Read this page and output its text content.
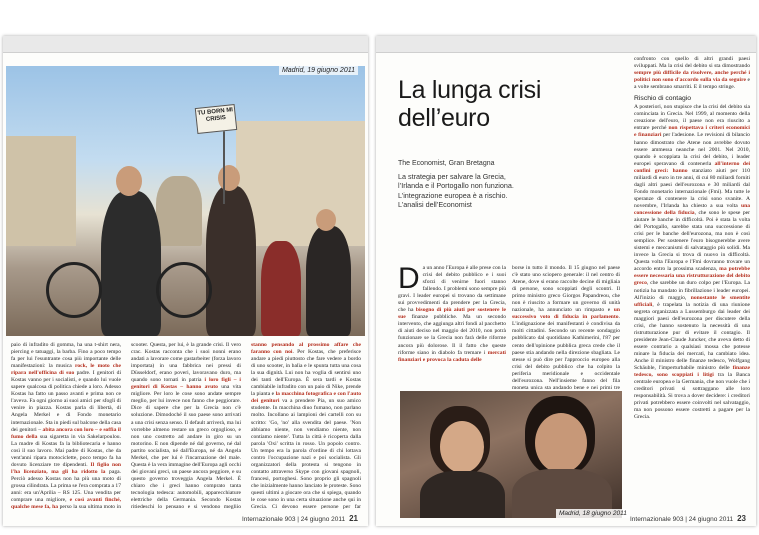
TU BORN MI CRISIS
Madrid, 19 giugno 2011

paio di infradito di gomma, ha una t-shirt nera, piercing e tatuaggi, la barba. Fino a poco tempo fa per lui l'esuntrante cosa più importante delle manifestazioni: la musica rock, le moto che ripara nell'officina di suo padre. I genitori di Kostas vanno per i socialisti, e quando lui vuole sapere qualcosa di politica chiede a loro. Adesso Kostas ha fatto un passo avanti e prima non ce l'aveva. Fa ogni giorno ai suoi amici per sfogli di venire in piazza. Kostas parla di libertà, di Angela Merkel e di Fondo monetario internazionale. Sta in piedi sul balcone della casa dei genitori – abita ancora con loro – e soffia il fumo della sua sigaretta in via Sakelarpoulou. La madre di Kostas fa la bibliotecaria e hanno così il suo lavoro. Mai padre di Kostas, che da vent'anni ripara motociclette, poco tempo fa ha dovuto licenziare tre dipendenti. Il figlio non l'ha licenziato, ma gli ha ridotto la paga. Perciò adesso Kostas non ha più una moto di grossa cilindrata. La prima se l'era comprata a 17 anni: era un'Aprilia – RS 125. Una vendita per comprare una migliore, e così avanti finché, qualche mese fa, ha perso la sua ultima moto in

scooter. Questa, per lui, è la grande crisi. Il vero crac. Kostas racconta che i suoi nonni erano andati a lavorare come gastarbeiter (forza lavoro importata) in una fabbrica nei pressi di Düsseldorf, erano poveri, lavoravano duro, ma quando sono tornati in patria i loro figli – i genitori di Kostas – hanno avuto una vita migliore. Per loro le cose sono andate sempre meglio, per lui invece non fanno che peggiorare. Dice di sapere che per la Grecia non c'è soluzione. Dimodoché il suo paese sono arrivati a una crisi senza senso. Il default arriverà, ma lui vorrebbe almeno restare un greco orgoglioso, e non uno costretto ad andare in giro su un motorino. E non dipende né dal governo, né dal partito socialista, né dall'Europa, né da Angela Merkel, che per lui è l'incarnazione del male. Questa è la vera immagine dell'Europa agli occhi dei giovani greci, un paese ancora peggiore, e su questo governo troveggia Angela Merkel. È chiaro che i greci hanno comprato tanta tecnologia tedesca: automobili, apparecchiature elettriche della Germania. Secondo Kostas ritiedeschi lo pensano e si vendono megliio

stanno pensando al prossimo affare che faranno con noi. Per Kostas, che preferisce andare a piedi piuttosto che fare vedere a bordo di uno scooter, in balìa e le spunta tutta una cosa la sua dignità. Lui non ha voglia di sentirsi uno dei tanti dell'Europa. È sera tardi e Kostas cambiabile infradito con un paio di Nike, prende la pianta e la macchina fotografica e con l'auto dei genitori va a prendere Pia, un suo amico studente. In macchina diuo fumano, non parlano molto. Incollano ai lampioni dei cartelli con su scritto: 'Go, 'no' alla svendita del paese. 'Non abbiamo niente, non vendiamo niente, non contiamo niente'. Tutta la città è ricoperta dalla parola 'Oxi' scritta in rosso. Un popolo contro. Un tempo era la parola d'ordine di chi lottava contro l'occupazione nazi e poi socialista. Gli organizzatori della protesta si tengono in contatto attraverso Skype con giovani spagnoli, francesi, portoghesi. Sono proprio gli spagnoli che inizialmente hanno lanciato le proteste. Sono questi ultimi a giocare ora che si spiega, quando le cose sono in una certa situazione anche qui in Grecia. Ci devono essere persone per far

Internazionale 903 | 24 giugno 2011 21
La lunga crisi dell’euro
The Economist, Gran Bretagna
La strategia per salvare la Grecia, l’Irlanda e il Portogallo non funziona. L’integrazione europea è a rischio. L’analisi dell’Economist
D a un anno l'Europa è alle prese con la crisi del debito pubblico e i suoi sforzi di venirne fuori stanno fallendo. I problemi sono sempre più gravi. I leader europei si trovano da settimane sui provvedimenti da prendere per la Grecia, che ha bisogno di più aiuti per sostenere le sue finanze pubbliche. Ma un secondo intervento, che aggiunga altri fondi al pacchetto di aiuti deciso nel maggio del 2010, non potrà funzionare se la Grecia non farà delle riforme ancora più dolorose. Il il fatto che queste riforme siano in diabolo fa tremare i mercati finanziari e provoca la caduta delle

borse in tutto il mondo. Il 15 giugno nel paese c'è stato uno sciopero generale: il nel centro di Atene, dove si erano raccolte decine di migliaia di persone, sono scoppiati degli scontri. Il primo ministro greco Giorgos Papandreou, che non è riuscito a formare un governo di unità nazionale, ha annunciato un rimpasto e un successivo voto di fiducia in parlamento. L'indignazione dei manifestanti è condivisa da molti cittadini. Secondo un recente sondaggio pubblicato dal quotidiano Kathimerini, l'87 per cento dell'opinione pubblica greca crede che il paese stia andando nella direzione sbagliata. Le stesse si può dire per l'approccio europeo alla crisi del debito pubblico che ha colpito la periferia meridionale e occidentale dell'eurozona. Nell'insieme fanno del fila moneta unica sta andando bene e nei primi tre

Madrid, 18 giugno 2011

confronto con quello di altri grandi paesi sviluppati. Ma la crisi del debito si sta dimostrando sempre più difficile da risolvere, anche perché i politici non sono d'accordo sulla via da seguire e a volte sembrano smarriti. E il tempo stringe.

Rischio di contagio

A posteriori, non stupisce che la crisi del debito sia cominciata in Grecia. Nel 1999, al momento della creazione dell'euro, il paese non era riuscito a entrare perché non rispettava i criteri economici e finanziari per l'adesione. Le revisioni di bilancio hanno dimostrato che Atene non avrebbe dovuto essere ammessa neanche nel 2001. Nel 2010, quando è scoppiata la crisi del debito, i leader europei speravano di contenerla all'interno dei confini greci: hanno stanziato aiuti per 110 miliardi di euro in tre anni, di cui 80 miliardi forniti dagli altri paesi dell'eurozona e 30 miliardi dal Fondo monetario internazionale (Fmi). Ma tutte le speranze di contenere la crisi sono svanite. A novembre, l'Irlanda ha chiesto a sua volta una concessione della fiducia, che sono le spese per aiutare le banche in difficoltà. Poi è stata la volta del Portogallo, sarebbe stata una successione di crisi per le banche dell'eurozona, ma non è così semplice. Per sostenere l'euro bisognerebbe avere sistemi e meccanismi di salvataggio più solidi. Ma invece la Grecia si trova di nuovo in difficoltà. Questa volta l'Europa e l'Fmi dovranno trovare un accordo entro la prossima scadenza, ma potrebbe essere necessaria una ristrutturazione del debito greco, che sarebbe un duro colpo per l'Europa. La notizia ha mandato in fibrillazione i leader europei. All'inizio di maggio, nonostante le smentite ufficiali, è trapelata la notizia di una riunione segreta organizzata a Lussemburgo dai leader dei maggiori paesi dell'eurozona per discutere della crisi, che hanno sostenuto la necessità di una ristrutturazione pur di evitare il contagio. Il presidente Jean-Claude Juncker, che aveva detto di essere contrario a qualsiasi mossa che potesse minare la fiducia dei mercati, ha cambiato idea. Anche il ministro delle finanze tedesco, Wolfgang Schäuble, l'imperturbabile ministro delle finanze tedesco, sono scoppiati i litigi tra la Banca centrale europea e la Germania, che non vuole che i creditori privati si sottraggano alle loro responsabilità. Si trova a dover decidere: i creditori privati potrebbero essere coinvolti nel salvataggio, ma non possono essere costretti a pagare per la Grecia.

Internazionale 903 | 24 giugno 2011 23
